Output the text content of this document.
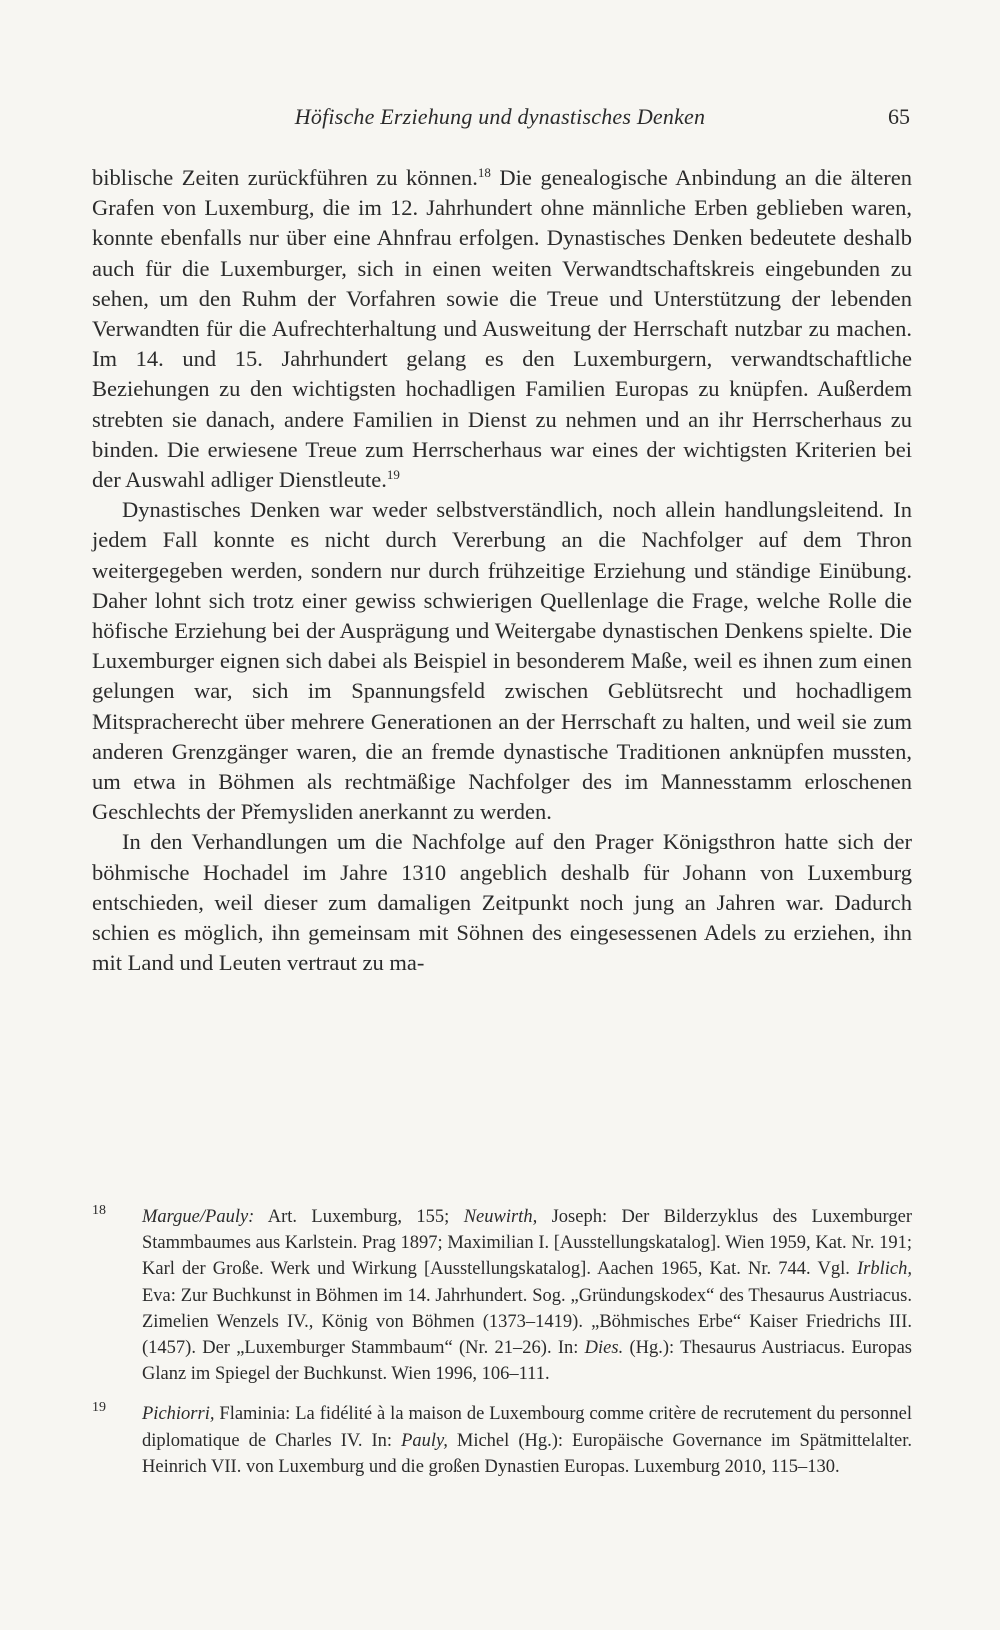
Höfische Erziehung und dynastisches Denken	65

biblische Zeiten zurückführen zu können.$^{18}$ Die genealogische Anbindung an die älteren Grafen von Luxemburg, die im 12. Jahrhundert ohne männliche Erben geblieben waren, konnte ebenfalls nur über eine Ahnfrau erfolgen. Dynastisches Denken bedeutete deshalb auch für die Luxemburger, sich in einen weiten Verwandtschaftskreis eingebunden zu sehen, um den Ruhm der Vorfahren sowie die Treue und Unterstützung der lebenden Verwandten für die Aufrechterhaltung und Ausweitung der Herrschaft nutzbar zu machen. Im 14. und 15. Jahrhundert gelang es den Luxemburgern, verwandtschaftliche Beziehungen zu den wichtigsten hochadligen Familien Europas zu knüpfen. Außerdem strebten sie danach, andere Familien in Dienst zu nehmen und an ihr Herrscherhaus zu binden. Die erwiesene Treue zum Herrscherhaus war eines der wichtigsten Kriterien bei der Auswahl adliger Dienstleute.$^{19}$

Dynastisches Denken war weder selbstverständlich, noch allein handlungsleitend. In jedem Fall konnte es nicht durch Vererbung an die Nachfolger auf dem Thron weitergegeben werden, sondern nur durch frühzeitige Erziehung und ständige Einübung. Daher lohnt sich trotz einer gewiss schwierigen Quellenlage die Frage, welche Rolle die höfische Erziehung bei der Ausprägung und Weitergabe dynastischen Denkens spielte. Die Luxemburger eignen sich dabei als Beispiel in besonderem Maße, weil es ihnen zum einen gelungen war, sich im Spannungsfeld zwischen Geblütsrecht und hochadligem Mitspracherecht über mehrere Generationen an der Herrschaft zu halten, und weil sie zum anderen Grenzgänger waren, die an fremde dynastische Traditionen anknüpfen mussten, um etwa in Böhmen als rechtmäßige Nachfolger des im Mannesstamm erloschenen Geschlechts der Přemysliden anerkannt zu werden.

In den Verhandlungen um die Nachfolge auf den Prager Königsthron hatte sich der böhmische Hochadel im Jahre 1310 angeblich deshalb für Johann von Luxemburg entschieden, weil dieser zum damaligen Zeitpunkt noch jung an Jahren war. Dadurch schien es möglich, ihn gemeinsam mit Söhnen des eingesessenen Adels zu erziehen, ihn mit Land und Leuten vertraut zu ma-

18 Margue/Pauly: Art. Luxemburg, 155; Neuwirth, Joseph: Der Bilderzyklus des Luxemburger Stammbaumes aus Karlstein. Prag 1897; Maximilian I. [Ausstellungskatalog]. Wien 1959, Kat. Nr. 191; Karl der Große. Werk und Wirkung [Ausstellungskatalog]. Aachen 1965, Kat. Nr. 744. Vgl. Irblich, Eva: Zur Buchkunst in Böhmen im 14. Jahrhundert. Sog. „Gründungskodex“ des Thesaurus Austriacus. Zimelien Wenzels IV., König von Böhmen (1373–1419). „Böhmisches Erbe“ Kaiser Friedrichs III. (1457). Der „Luxemburger Stammbaum“ (Nr. 21–26). In: Dies. (Hg.): Thesaurus Austriacus. Europas Glanz im Spiegel der Buchkunst. Wien 1996, 106–111.
19 Pichiorri, Flaminia: La fidélité à la maison de Luxembourg comme critère de recrutement du personnel diplomatique de Charles IV. In: Pauly, Michel (Hg.): Europäische Governance im Spätmittelalter. Heinrich VII. von Luxemburg und die großen Dynastien Europas. Luxemburg 2010, 115–130.
